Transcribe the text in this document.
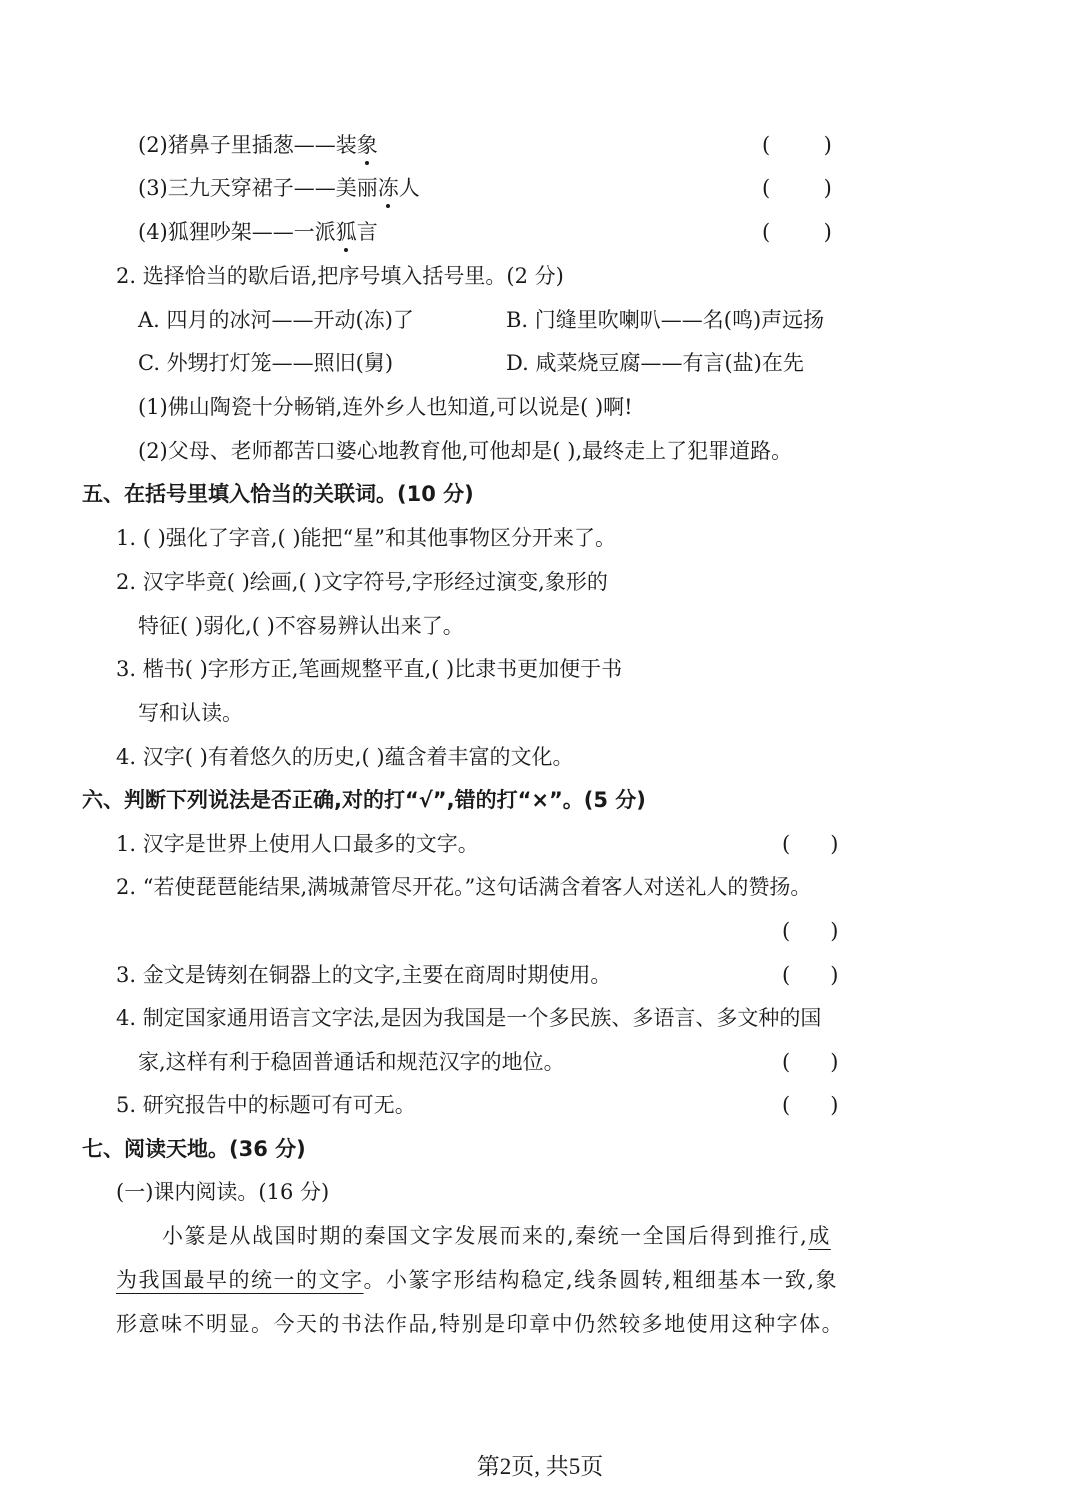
(2)猪鼻子里插葱——装象	(        )
(3)三九天穿裙子——美丽冻人	(        )
(4)狐狸吵架——一派狐言	(        )
2. 选择恰当的歇后语,把序号填入括号里。(2 分)
A. 四月的冰河——开动(冻)了	B. 门缝里吹喇叭——名(鸣)声远扬
C. 外甥打灯笼——照旧(舅)	D. 咸菜烧豆腐——有言(盐)在先
(1)佛山陶瓷十分畅销,连外乡人也知道,可以说是( )啊!
(2)父母、老师都苦口婆心地教育他,可他却是( ),最终走上了犯罪道路。
五、在括号里填入恰当的关联词。(10 分)
1. ( )强化了字音,( )能把“星”和其他事物区分开来了。
2. 汉字毕竟( )绘画,( )文字符号,字形经过演变,象形的
特征( )弱化,( )不容易辨认出来了。
3. 楷书( )字形方正,笔画规整平直,( )比隶书更加便于书
写和认读。
4. 汉字( )有着悠久的历史,( )蕴含着丰富的文化。
六、判断下列说法是否正确,对的打“√”,错的打“×”。(5 分)
1. 汉字是世界上使用人口最多的文字。	(      )
2. “若使琵琶能结果,满城萧管尽开花。”这句话满含着客人对送礼人的赞扬。
(      )
3. 金文是铸刻在铜器上的文字,主要在商周时期使用。	(      )
4. 制定国家通用语言文字法,是因为我国是一个多民族、多语言、多文种的国
家,这样有利于稳固普通话和规范汉字的地位。	(      )
5. 研究报告中的标题可有可无。	(      )
七、阅读天地。(36 分)
(一)课内阅读。(16 分)
小篆是从战国时期的秦国文字发展而来的,秦统一全国后得到推行,成
为我国最早的统一的文字。小篆字形结构稳定,线条圆转,粗细基本一致,象
形意味不明显。今天的书法作品,特别是印章中仍然较多地使用这种字体。
第2页, 共5页
